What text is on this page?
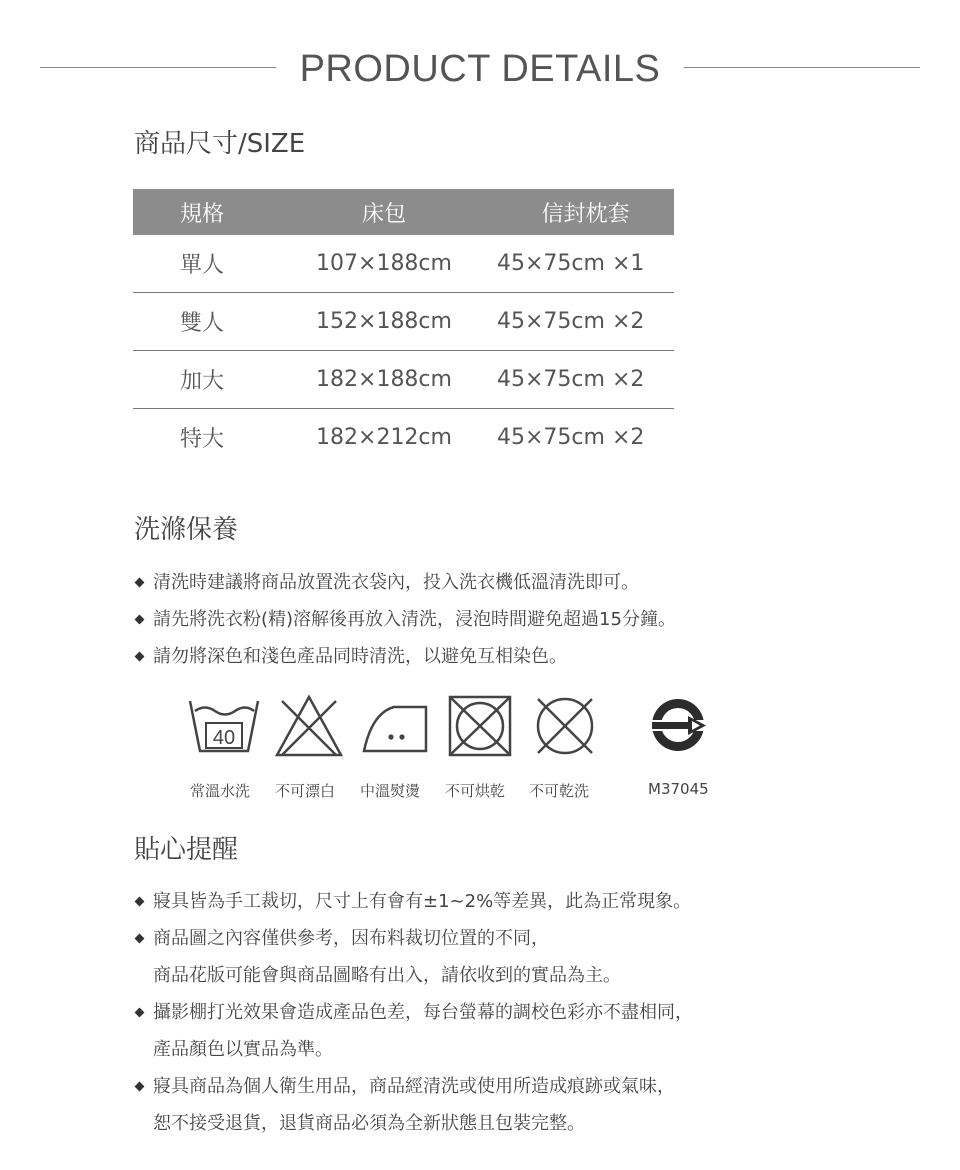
PRODUCT DETAILS
商品尺寸/SIZE
規格	床包	信封枕套
單人	107×188cm	45×75cm ×1
雙人	152×188cm	45×75cm ×2
加大	182×188cm	45×75cm ×2
特大	182×212cm	45×75cm ×2
洗滌保養
清洗時建議將商品放置洗衣袋內，投入洗衣機低溫清洗即可。
請先將洗衣粉(精)溶解後再放入清洗，浸泡時間避免超過15分鐘。
請勿將深色和淺色產品同時清洗，以避免互相染色。
40
常溫水洗 不可漂白 中溫熨燙 不可烘乾 不可乾洗	M37045
貼心提醒
寢具皆為手工裁切，尺寸上有會有±1~2%等差異，此為正常現象。
商品圖之內容僅供參考，因布料裁切位置的不同，
商品花版可能會與商品圖略有出入，請依收到的實品為主。
攝影棚打光效果會造成產品色差，每台螢幕的調校色彩亦不盡相同，
產品顏色以實品為準。
寢具商品為個人衛生用品，商品經清洗或使用所造成痕跡或氣味，
恕不接受退貨，退貨商品必須為全新狀態且包裝完整。
